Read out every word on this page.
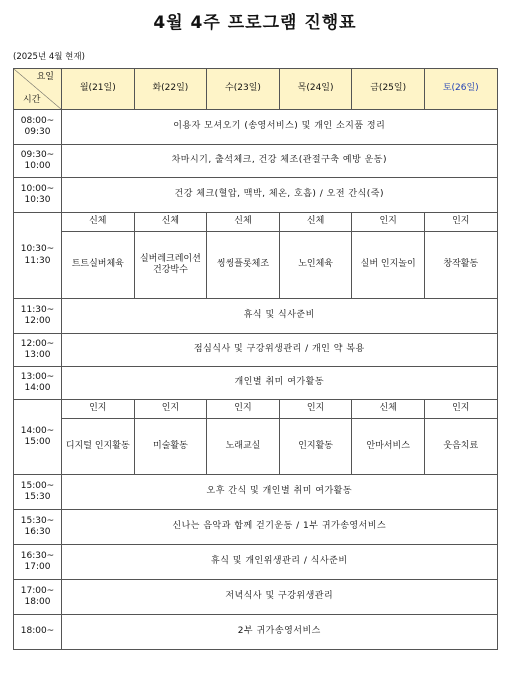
4월 4주 프로그램 진행표
(2025년 4월 현재)
요일
시간	월(21일)	화(22일)	수(23일)	목(24일)	금(25일)	토(26일)

08:00~
09:30	이용자 모셔오기 (송영서비스) 및 개인 소지품 정리					

09:30~
10:00	차마시기, 출석체크, 건강 체조(관절구축 예방 운동)					

10:00~
10:30	건강 체크(혈압, 맥박, 체온, 호흡) / 오전 간식(죽)					

10:30~
11:30	신체	신체	신체	신체	인지	인지
	트트실버체육	실버레크레이션 건강박수	씽씽플롯체조	노인체육	실버 인지놀이	창작활동

11:30~
12:00	휴식 및 식사준비					

12:00~
13:00	점심식사 및 구강위생관리 / 개인 약 복용					

13:00~
14:00	개인별 취미 여가활동					

14:00~
15:00	인지	인지	인지	인지	신체	인지
	디지털 인지활동	미술활동	노래교실	인지활동	안마서비스	웃음치료

15:00~
15:30	오후 간식 및 개인별 취미 여가활동					

15:30~
16:30	신나는 음악과 함께 걷기운동 / 1부 귀가송영서비스					

16:30~
17:00	휴식 및 개인위생관리 / 식사준비					

17:00~
18:00	저녁식사 및 구강위생관리					

18:00~	2부 귀가송영서비스					
